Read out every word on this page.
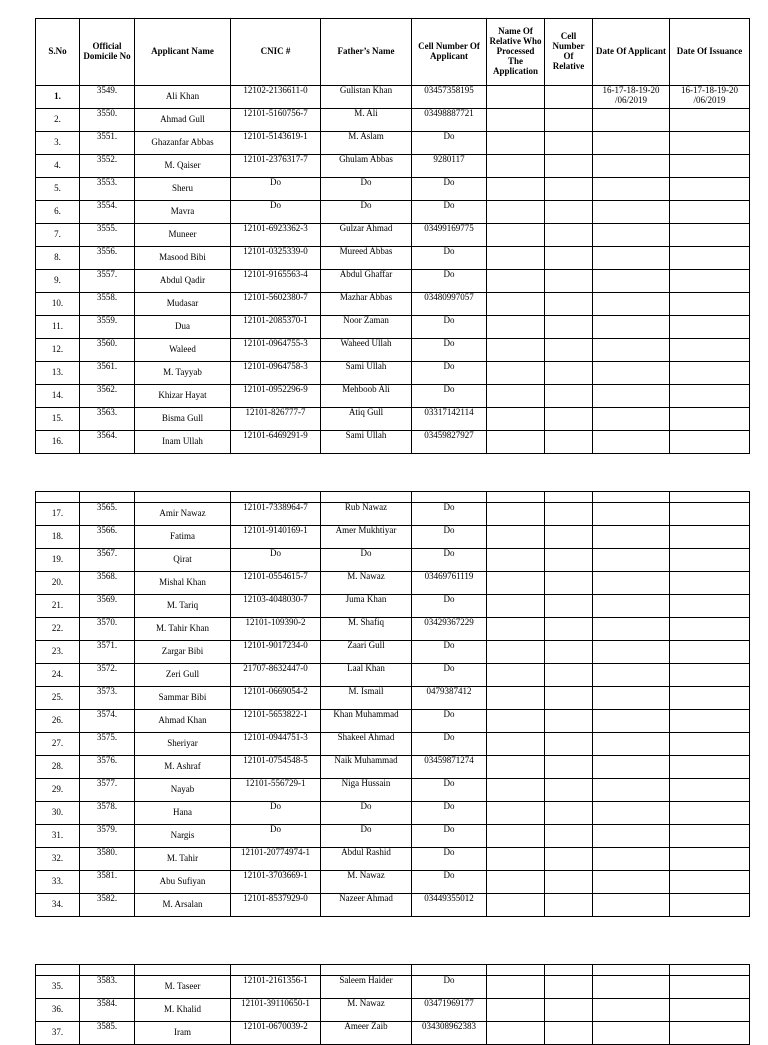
S.No	Official Domicile No	Applicant Name	CNIC #	Father’s Name	Cell Number Of Applicant	Name Of Relative Who Processed The Application	Cell Number Of Relative	Date Of Applicant	Date Of Issuance
1.	3549.	Ali Khan	12102-2136611-0	Gulistan Khan	03457358195			16-17-18-19-20 /06/2019	16-17-18-19-20 /06/2019
2.	3550.	Ahmad Gull	12101-5160756-7	M. Ali	03498887721				
3.	3551.	Ghazanfar Abbas	12101-5143619-1	M. Aslam	Do				
4.	3552.	M. Qaiser	12101-2376317-7	Ghulam Abbas	9280117				
5.	3553.	Sheru	Do	Do	Do				
6.	3554.	Mavra	Do	Do	Do				
7.	3555.	Muneer	12101-6923362-3	Gulzar Ahmad	03499169775				
8.	3556.	Masood Bibi	12101-0325339-0	Mureed Abbas	Do				
9.	3557.	Abdul Qadir	12101-9165563-4	Abdul Ghaffar	Do				
10.	3558.	Mudasar	12101-5602380-7	Mazhar Abbas	03480997057				
11.	3559.	Dua	12101-2085370-1	Noor Zaman	Do				
12.	3560.	Waleed	12101-0964755-3	Waheed Ullah	Do				
13.	3561.	M. Tayyab	12101-0964758-3	Sami Ullah	Do				
14.	3562.	Khizar Hayat	12101-0952296-9	Mehboob Ali	Do				
15.	3563.	Bisma Gull	12101-826777-7	Atiq Gull	03317142114				
16.	3564.	Inam Ullah	12101-6469291-9	Sami Ullah	03459827927				

17.	3565.	Amir Nawaz	12101-7338964-7	Rub Nawaz	Do				
18.	3566.	Fatima	12101-9140169-1	Amer Mukhtiyar	Do				
19.	3567.	Qirat	Do	Do	Do				
20.	3568.	Mishal Khan	12101-0554615-7	M. Nawaz	03469761119				
21.	3569.	M. Tariq	12103-4048030-7	Juma Khan	Do				
22.	3570.	M. Tahir Khan	12101-109390-2	M. Shafiq	03429367229				
23.	3571.	Zargar Bibi	12101-9017234-0	Zaari Gull	Do				
24.	3572.	Zeri Gull	21707-8632447-0	Laal Khan	Do				
25.	3573.	Sammar Bibi	12101-0669054-2	M. Ismail	0479387412				
26.	3574.	Ahmad Khan	12101-5653822-1	Khan Muhammad	Do				
27.	3575.	Sheriyar	12101-0944751-3	Shakeel Ahmad	Do				
28.	3576.	M. Ashraf	12101-0754548-5	Naik Muhammad	03459871274				
29.	3577.	Nayab	12101-556729-1	Niga Hussain	Do				
30.	3578.	Hana	Do	Do	Do				
31.	3579.	Nargis	Do	Do	Do				
32.	3580.	M. Tahir	12101-20774974-1	Abdul Rashid	Do				
33.	3581.	Abu Sufiyan	12101-3703669-1	M. Nawaz	Do				
34.	3582.	M. Arsalan	12101-8537929-0	Nazeer Ahmad	03449355012				

35.	3583.	M. Taseer	12101-2161356-1	Saleem Haider	Do				
36.	3584.	M. Khalid	12101-39110650-1	M. Nawaz	03471969177				
37.	3585.	Iram	12101-0670039-2	Ameer Zaib	034308962383				
